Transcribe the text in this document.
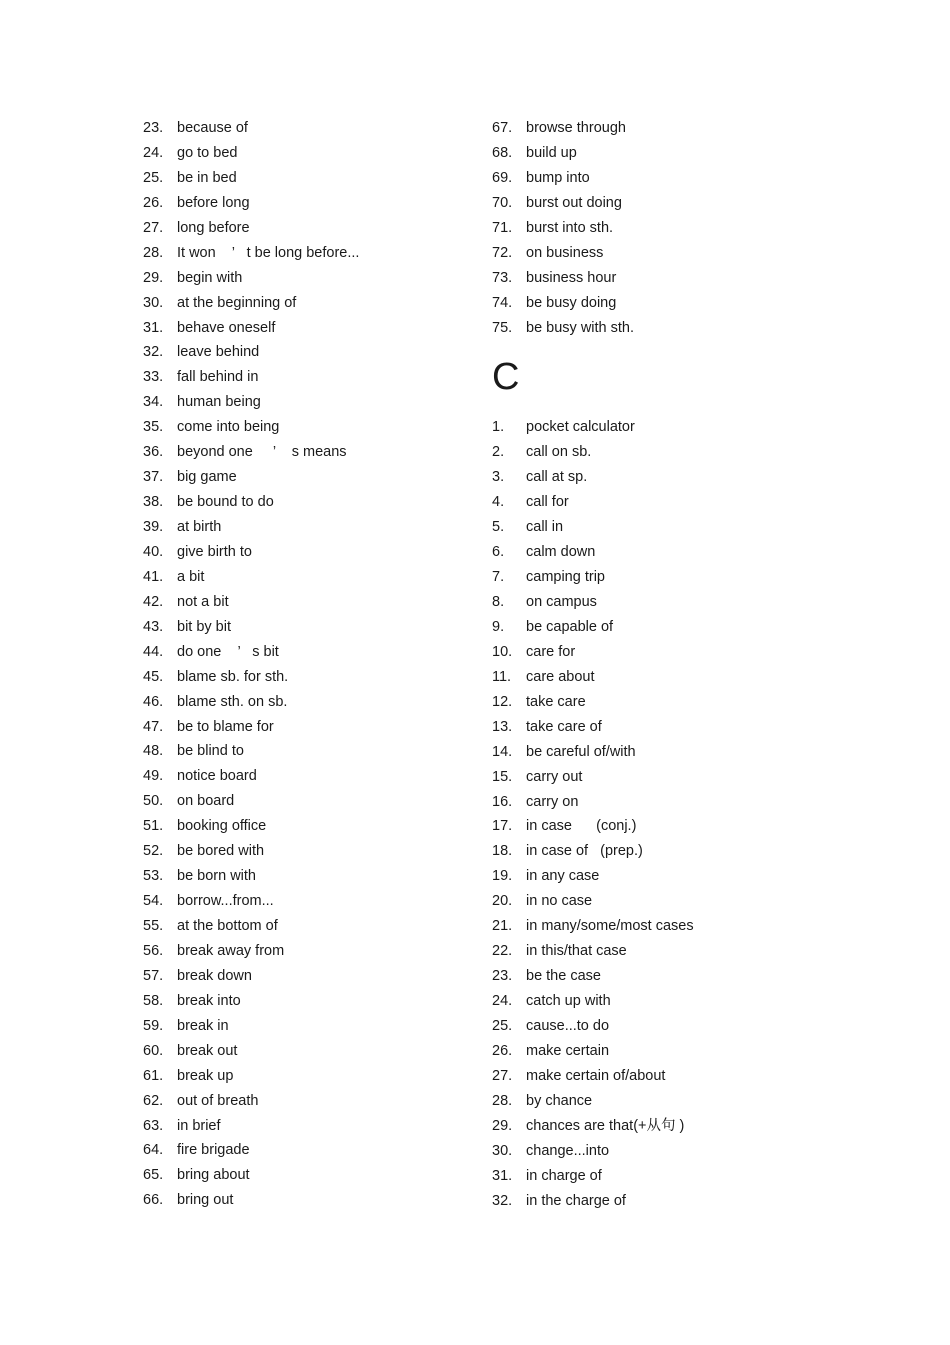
23. because of
24. go to bed
25. be in bed
26. before long
27. long before
28. It won    ’   t be long before...
29. begin with
30. at the beginning of
31. behave oneself
32. leave behind
33. fall behind in
34. human being
35. come into being
36. beyond one     ’    s means
37. big game
38. be bound to do
39. at birth
40. give birth to
41. a bit
42. not a bit
43. bit by bit
44. do one    ’   s bit
45. blame sb. for sth.
46. blame sth. on sb.
47. be to blame for
48. be blind to
49. notice board
50. on board
51. booking office
52. be bored with
53. be born with
54. borrow...from...
55. at the bottom of
56. break away from
57. break down
58. break into
59. break in
60. break out
61. break up
62. out of breath
63. in brief
64. fire brigade
65. bring about
66. bring out
67. browse through
68. build up
69. bump into
70. burst out doing
71. burst into sth.
72. on business
73. business hour
74. be busy doing
75. be busy with sth.
C
1.	pocket calculator
2.	call on sb.
3.	call at sp.
4.	call for
5.	call in
6.	calm down
7.	camping trip
8.	on campus
9.	be capable of
10. care for
11.	care about
12. take care
13. take care of
14. be careful of/with
15. carry out
16. carry on
17. in case      (conj.)
18. in case of   (prep.)
19. in any case
20. in no case
21. in many/some/most cases
22. in this/that case
23. be the case
24. catch up with
25. cause...to do
26. make certain
27. make certain of/about
28. by chance
29. chances are that(+从句 )
30. change...into
31. in charge of
32. in the charge of
